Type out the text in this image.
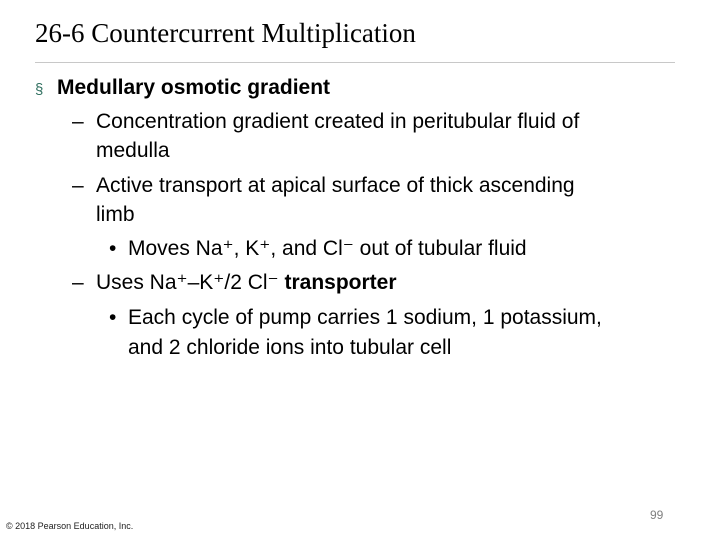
26-6 Countercurrent Multiplication
§ Medullary osmotic gradient
– Concentration gradient created in peritubular fluid of
medulla
– Active transport at apical surface of thick ascending
limb
• Moves Na⁺, K⁺, and Cl⁻ out of tubular fluid
– Uses Na⁺–K⁺/2 Cl⁻ transporter
• Each cycle of pump carries 1 sodium, 1 potassium,
and 2 chloride ions into tubular cell
99
© 2018 Pearson Education, Inc.
